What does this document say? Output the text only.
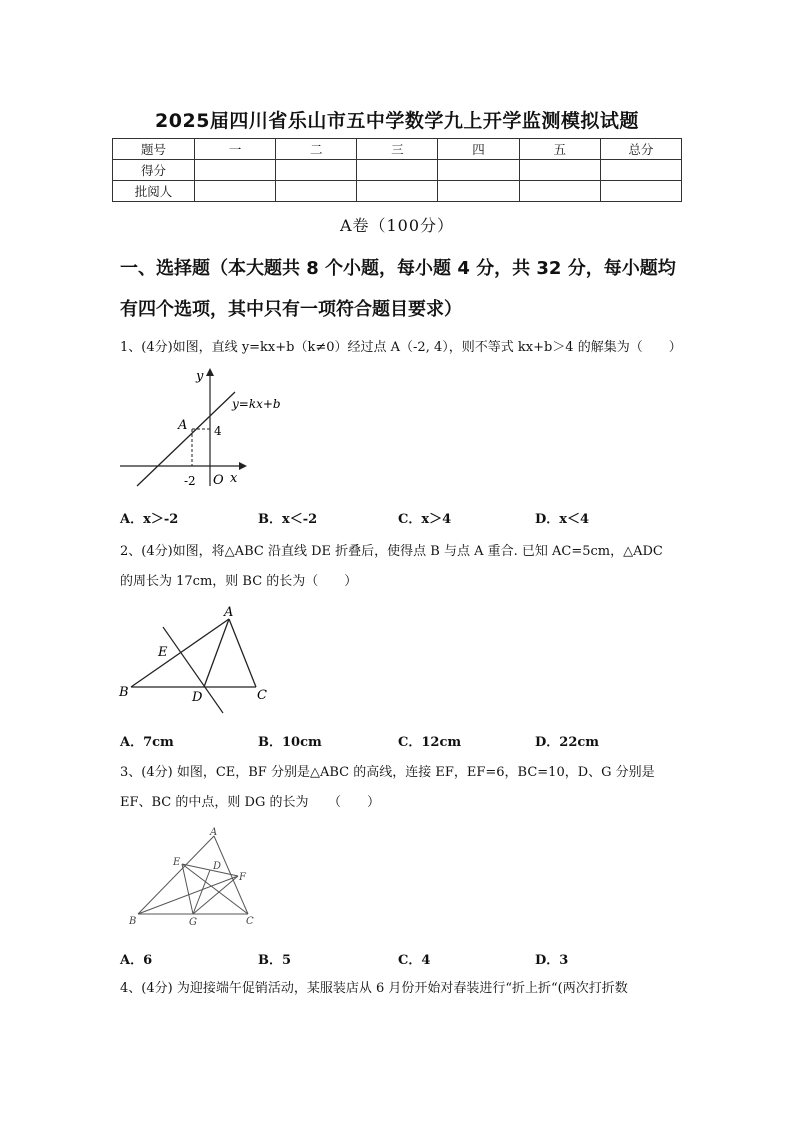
2025届四川省乐山市五中学数学九上开学监测模拟试题
题号	一	二	三	四	五	总分
得分						
批阅人						
A卷（100分）
一、选择题（本大题共 8 个小题，每小题 4 分，共 32 分，每小题均
有四个选项，其中只有一项符合题目要求）
1、(4分)如图，直线 y=kx+b（k≠0）经过点 A（-2, 4），则不等式 kx+b＞4 的解集为（　　）
y
y=kx+b
A 4
-2 O x
A．x＞-2	B．x＜-2	C．x＞4	D．x＜4
2、(4分)如图，将△ABC 沿直线 DE 折叠后，使得点 B 与点 A 重合. 已知 AC=5cm，△ADC
的周长为 17cm，则 BC 的长为（　　）
A
E
B	D	C
A．7cm	B．10cm	C．12cm	D．22cm
3、(4分) 如图，CE，BF 分别是△ABC 的高线，连接 EF，EF=6，BC=10，D、G 分别是
EF、BC 的中点，则 DG 的长为　　（　　）
A
E	D
F
B	G	C
A．6	B．5	C．4	D．3
4、(4分) 为迎接端午促销活动，某服装店从 6 月份开始对春装进行“折上折“(两次打折数
